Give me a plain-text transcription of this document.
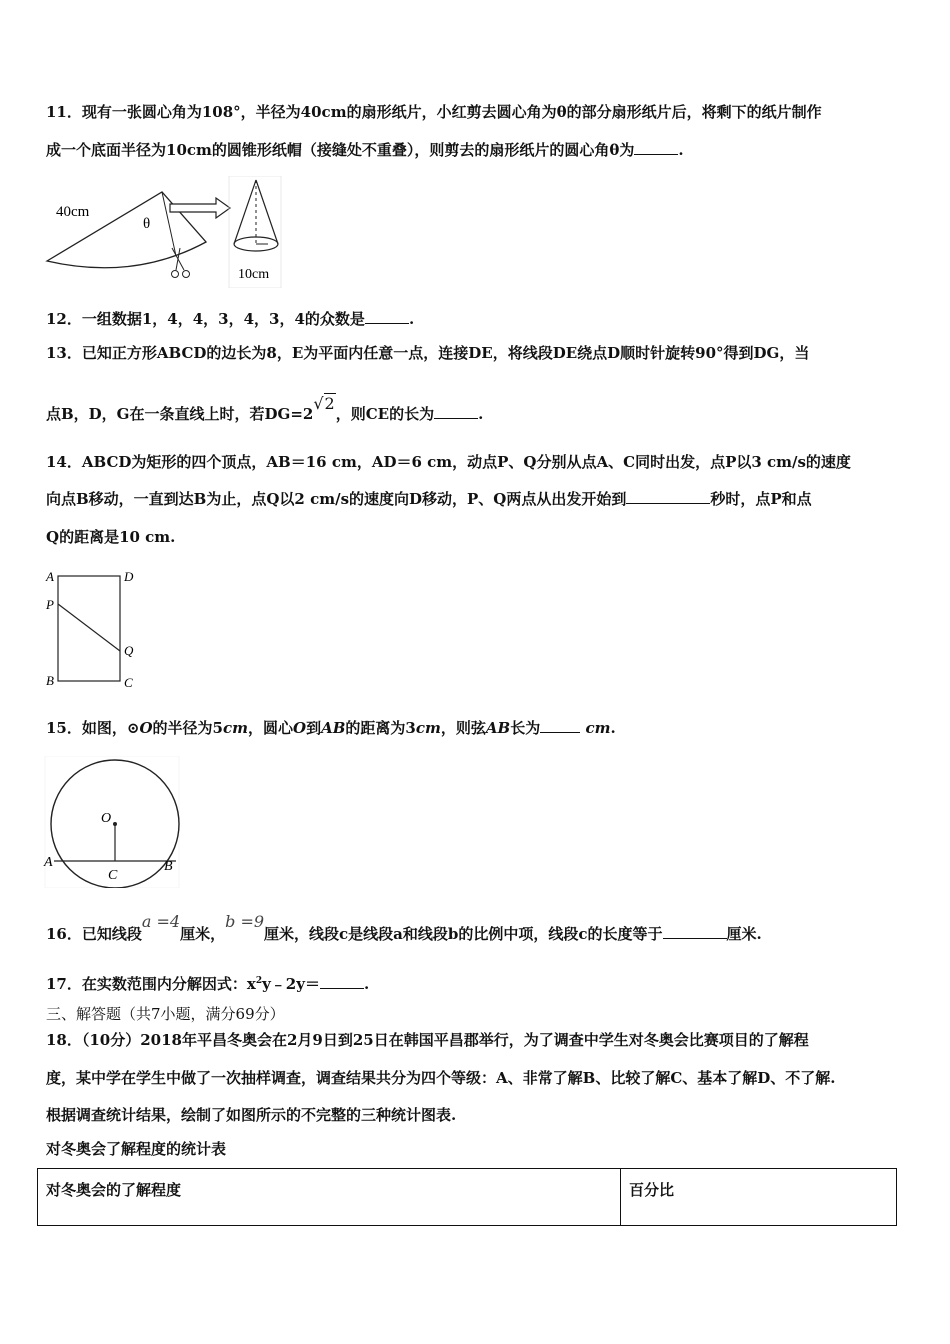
11．现有一张圆心角为108°，半径为40cm的扇形纸片，小红剪去圆心角为θ的部分扇形纸片后，将剩下的纸片制作
成一个底面半径为10cm的圆锥形纸帽（接缝处不重叠），则剪去的扇形纸片的圆心角θ为	.
40cm
θ
10cm
12．一组数据1，4，4，3，4，3，4的众数是	.
13．已知正方形ABCD的边长为8，E为平面内任意一点，连接DE，将线段DE绕点D顺时针旋转90°得到DG，当
点B，D，G在一条直线上时，若DG=2√2，则CE的长为	.
14．ABCD为矩形的四个顶点，AB＝16 cm，AD＝6 cm，动点P、Q分别从点A、C同时出发，点P以3 cm/s的速度
向点B移动，一直到达B为止，点Q以2 cm/s的速度向D移动，P、Q两点从出发开始到	秒时，点P和点
Q的距离是10 cm.
A	D
P
Q
B	C
15．如图，⊙O的半径为5cm，圆心O到AB的距离为3cm，则弦AB长为	cm.
O
A	B
C
16．已知线段a =4厘米，b =9厘米，线段c是线段a和线段b的比例中项，线段c的长度等于	厘米.
17．在实数范围内分解因式：$x^2y﹣2y=$	.
三、解答题（共7小题，满分69分）
18．（10分）2018年平昌冬奥会在2月9日到25日在韩国平昌郡举行，为了调查中学生对冬奥会比赛项目的了解程
度，某中学在学生中做了一次抽样调查，调查结果共分为四个等级：A、非常了解B、比较了解C、基本了解D、不了解.
根据调查统计结果，绘制了如图所示的不完整的三种统计图表.
对冬奥会了解程度的统计表
对冬奥会的了解程度	百分比
